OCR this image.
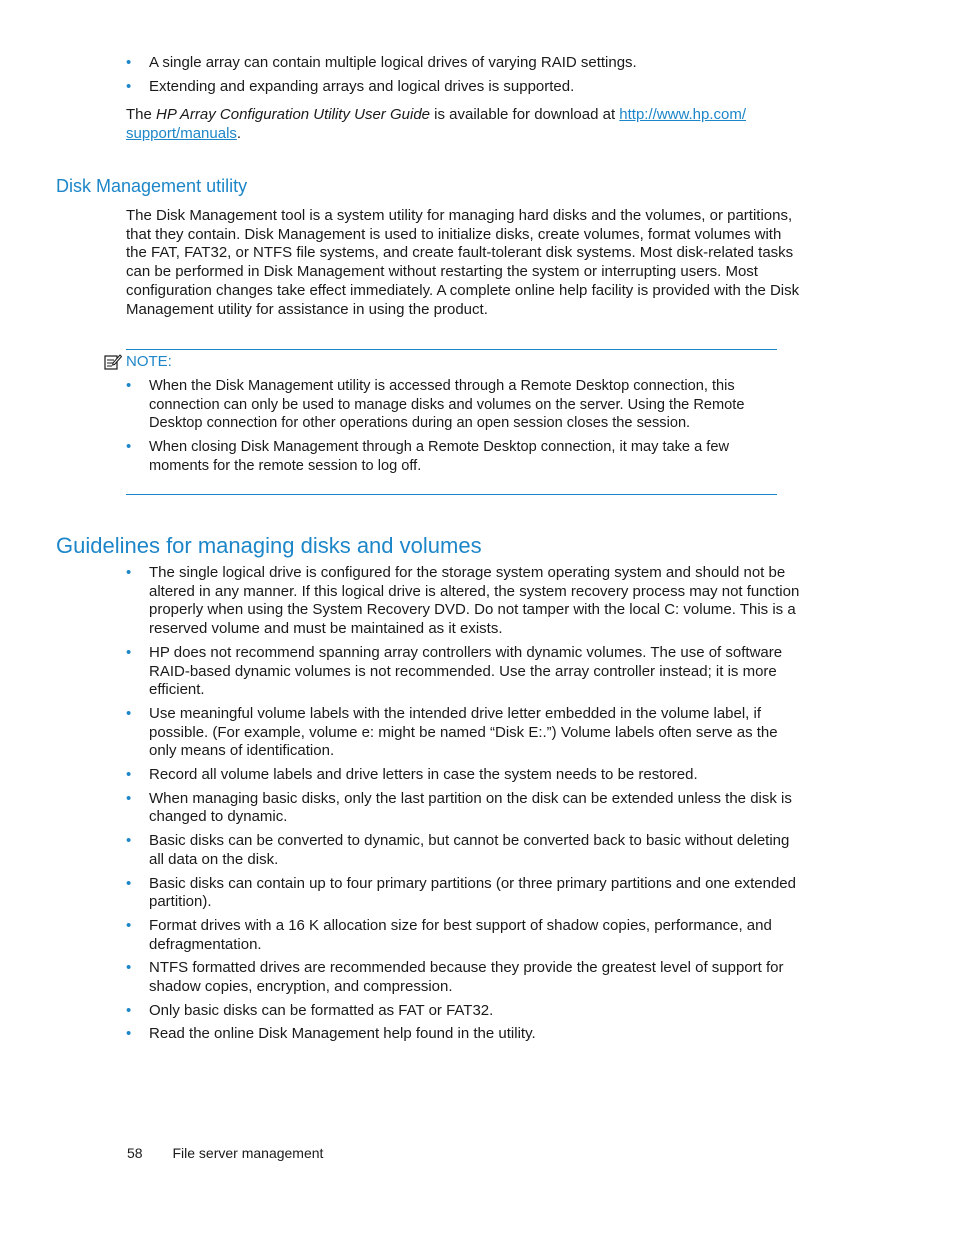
• A single array can contain multiple logical drives of varying RAID settings.
• Extending and expanding arrays and logical drives is supported.

The HP Array Configuration Utility User Guide is available for download at http://www.hp.com/
support/manuals.

Disk Management utility

The Disk Management tool is a system utility for managing hard disks and the volumes, or partitions, that they contain. Disk Management is used to initialize disks, create volumes, format volumes with the FAT, FAT32, or NTFS file systems, and create fault-tolerant disk systems. Most disk-related tasks can be performed in Disk Management without restarting the system or interrupting users. Most configuration changes take effect immediately. A complete online help facility is provided with the Disk Management utility for assistance in using the product.

NOTE:
• When the Disk Management utility is accessed through a Remote Desktop connection, this connection can only be used to manage disks and volumes on the server. Using the Remote Desktop connection for other operations during an open session closes the session.
• When closing Disk Management through a Remote Desktop connection, it may take a few moments for the remote session to log off.
Guidelines for managing disks and volumes
• The single logical drive is configured for the storage system operating system and should not be altered in any manner. If this logical drive is altered, the system recovery process may not function properly when using the System Recovery DVD. Do not tamper with the local C: volume. This is a reserved volume and must be maintained as it exists.
• HP does not recommend spanning array controllers with dynamic volumes. The use of software RAID-based dynamic volumes is not recommended. Use the array controller instead; it is more efficient.
• Use meaningful volume labels with the intended drive letter embedded in the volume label, if possible. (For example, volume e: might be named “Disk E:.”) Volume labels often serve as the only means of identification.
• Record all volume labels and drive letters in case the system needs to be restored.
• When managing basic disks, only the last partition on the disk can be extended unless the disk is changed to dynamic.
• Basic disks can be converted to dynamic, but cannot be converted back to basic without deleting all data on the disk.
• Basic disks can contain up to four primary partitions (or three primary partitions and one extended partition).
• Format drives with a 16 K allocation size for best support of shadow copies, performance, and defragmentation.
• NTFS formatted drives are recommended because they provide the greatest level of support for shadow copies, encryption, and compression.
• Only basic disks can be formatted as FAT or FAT32.
• Read the online Disk Management help found in the utility.
58 File server management
